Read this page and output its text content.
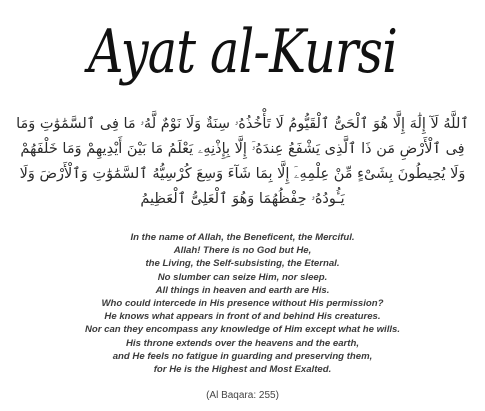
Ayat al-Kursi

ٱللَّهُ لَآ إِلَٰهَ إِلَّا هُوَ ٱلْحَىُّ ٱلْقَيُّومُ لَا تَأْخُذُهُۥ سِنَةٌ وَلَا نَوْمٌ لَّهُۥ مَا فِى ٱلسَّمَٰوَٰتِ وَمَا فِى ٱلْأَرْضِ مَن ذَا ٱلَّذِى يَشْفَعُ عِندَهُۥٓ إِلَّا بِإِذْنِهِۦ يَعْلَمُ مَا بَيْنَ أَيْدِيهِمْ وَمَا خَلْفَهُمْ وَلَا يُحِيطُونَ بِشَىْءٍ مِّنْ عِلْمِهِۦٓ إِلَّا بِمَا شَآءَ وَسِعَ كُرْسِيُّهُ ٱلسَّمَٰوَٰتِ وَٱلْأَرْضَ وَلَا يَـُٔودُهُۥ حِفْظُهُمَا وَهُوَ ٱلْعَلِىُّ ٱلْعَظِيمُ

In the name of Allah, the Beneficent, the Merciful.
Allah! There is no God but He,
the Living, the Self-subsisting, the Eternal.
No slumber can seize Him, nor sleep.
All things in heaven and earth are His.
Who could intercede in His presence without His permission?
He knows what appears in front of and behind His creatures.
Nor can they encompass any knowledge of Him except what he wills.
His throne extends over the heavens and the earth,
and He feels no fatigue in guarding and preserving them,
for He is the Highest and Most Exalted.
(Al Baqara: 255)
